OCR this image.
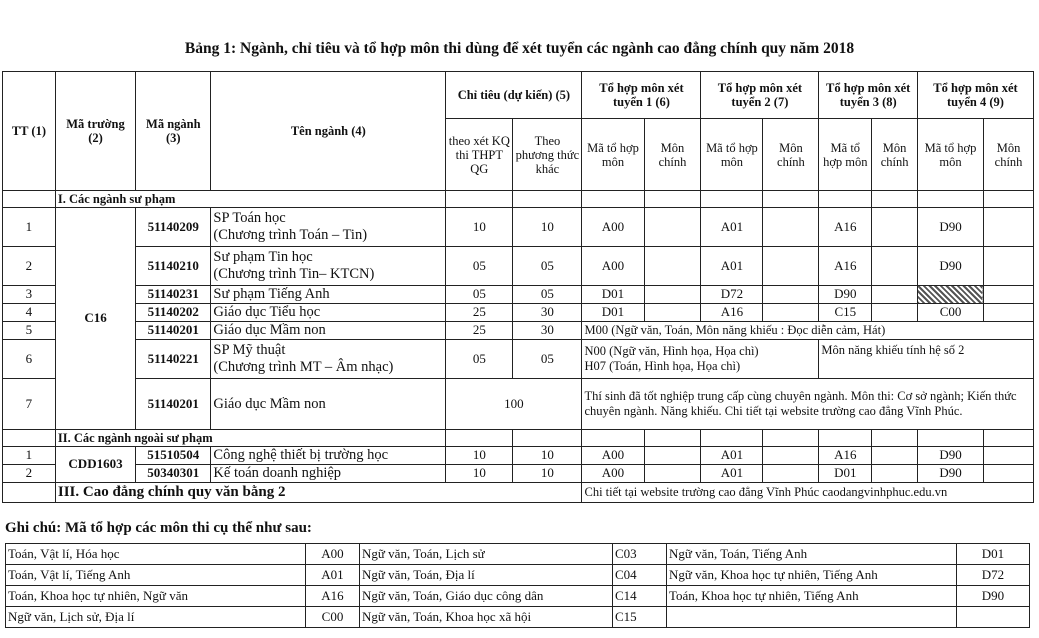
Bảng 1: Ngành, chỉ tiêu và tổ hợp môn thi dùng để xét tuyển các ngành cao đẳng chính quy năm 2018
TT (1)	Mã trường (2)	Mã ngành (3)	Tên ngành (4)	Chỉ tiêu (dự kiến) (5)		Tổ hợp môn xét tuyển 1 (6)		Tổ hợp môn xét tuyển 2 (7)		Tổ hợp môn xét tuyển 3 (8)		Tổ hợp môn xét tuyển 4 (9)	
				theo xét KQ thi THPT QG	Theo phương thức khác	Mã tổ hợp môn	Môn chính	Mã tổ hợp môn	Môn chính	Mã tổ hợp môn	Môn chính	Mã tổ hợp môn	Môn chính
	I. Các ngành sư phạm												
1	C16	51140209	SP Toán học
(Chương trình Toán – Tin)	10	10	A00		A01		A16		D90	
2		51140210	Sư phạm Tin học
(Chương trình Tin– KTCN)	05	05	A00		A01		A16		D90	
3		51140231	Sư phạm Tiếng Anh	05	05	D01		D72		D90			
4		51140202	Giáo dục Tiểu học	25	30	D01		A16		C15		C00	
5		51140201	Giáo dục Mầm non	25	30	M00 (Ngữ văn, Toán, Môn năng khiếu : Đọc diễn cảm, Hát)							
6		51140221	SP Mỹ thuật
(Chương trình MT – Âm nhạc)	05	05	N00 (Ngữ văn, Hình họa, Họa chì)
H07 (Toán, Hình họa, Họa chì)				Môn năng khiếu tính hệ số 2			
7		51140201	Giáo dục Mầm non	100		Thí sinh đã tốt nghiệp trung cấp cùng chuyên ngành. Môn thi: Cơ sở ngành; Kiến thức chuyên ngành. Năng khiếu. Chi tiết tại website trường cao đẳng Vĩnh Phúc.							
	II. Các ngành ngoài sư phạm												
1	CDD1603	51510504	Công nghệ thiết bị trường học	10	10	A00		A01		A16		D90	
2		50340301	Kế toán doanh nghiệp	10	10	A00		A01		D01		D90	
	III. Cao đẳng chính quy văn bằng 2					Chi tiết tại website trường cao đẳng Vĩnh Phúc caodangvinhphuc.edu.vn							
Ghi chú: Mã tổ hợp các môn thi cụ thể như sau:
Toán, Vật lí, Hóa học	A00	Ngữ văn, Toán, Lịch sử	C03	Ngữ văn, Toán, Tiếng Anh	D01
Toán, Vật lí, Tiếng Anh	A01	Ngữ văn, Toán, Địa lí	C04	Ngữ văn, Khoa học tự nhiên, Tiếng Anh	D72
Toán, Khoa học tự nhiên, Ngữ văn	A16	Ngữ văn, Toán, Giáo dục công dân	C14	Toán, Khoa học tự nhiên, Tiếng Anh	D90
Ngữ văn, Lịch sử, Địa lí	C00	Ngữ văn, Toán, Khoa học xã hội	C15		
